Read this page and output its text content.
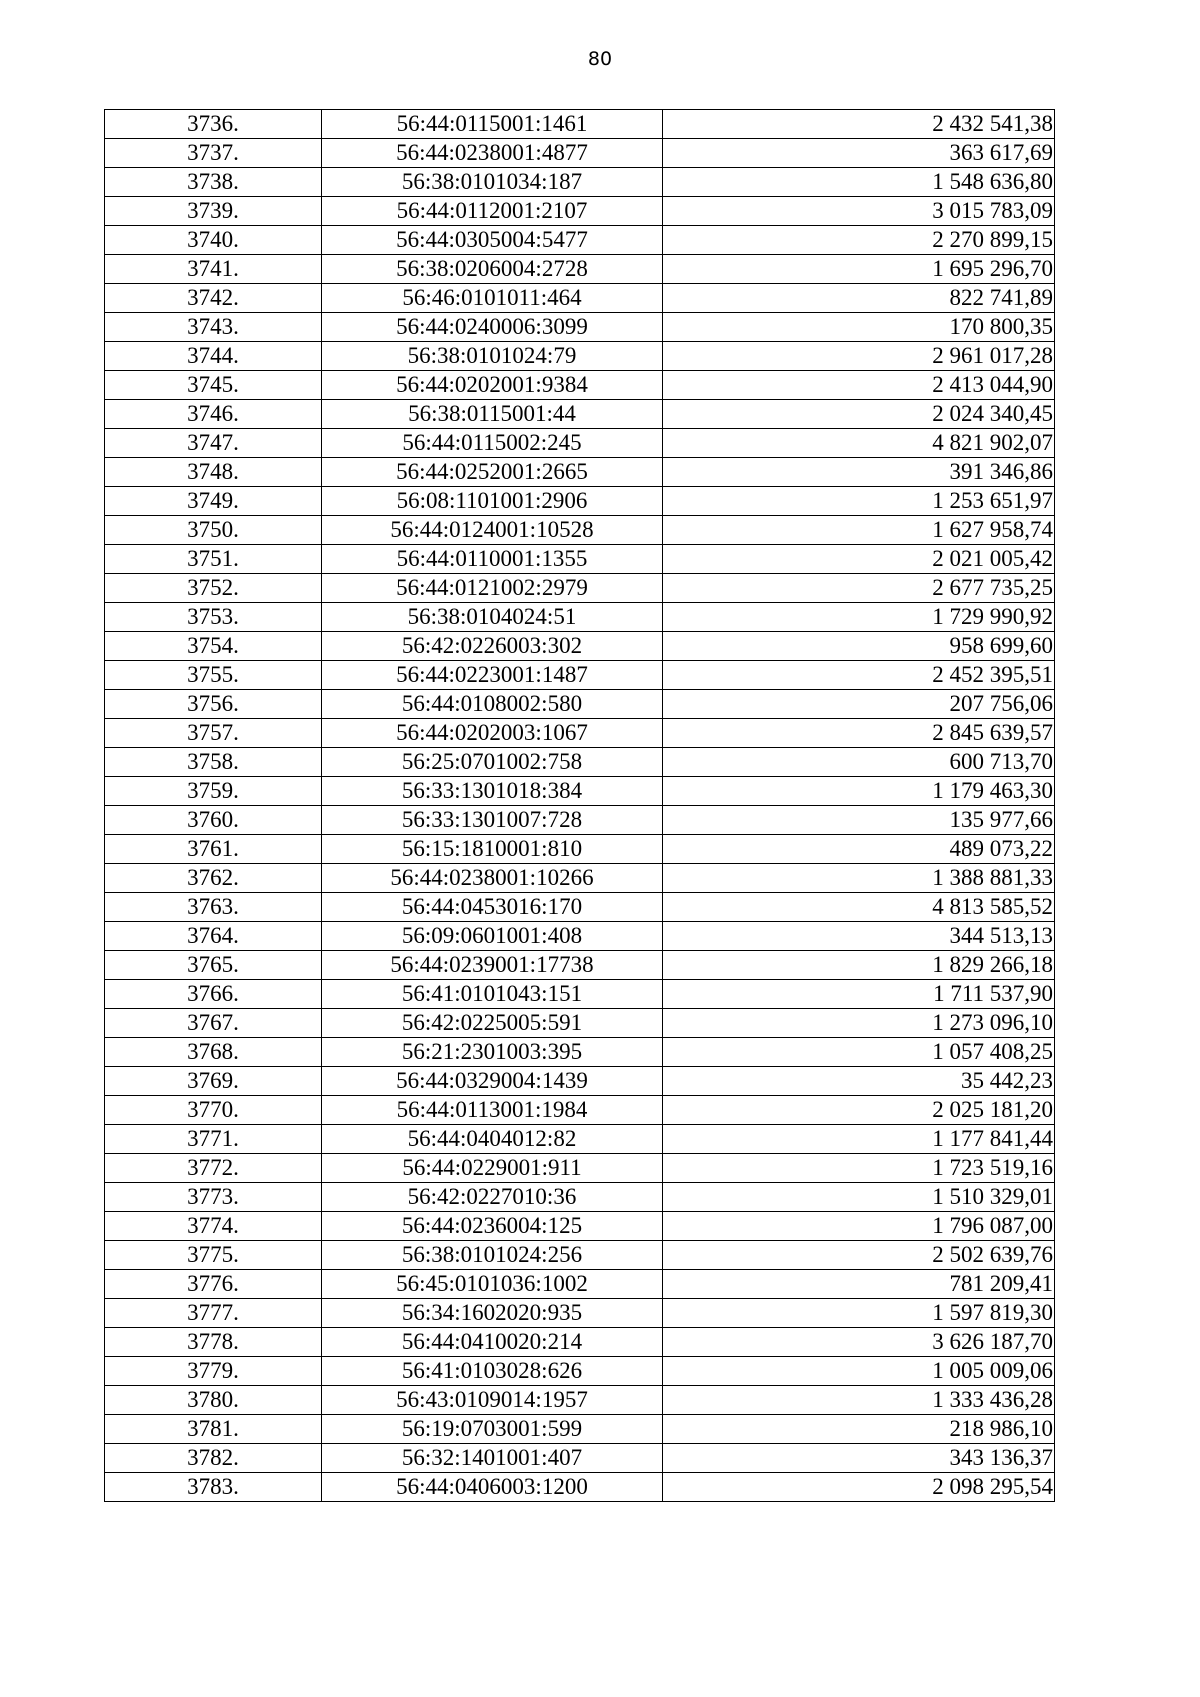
80
3736.	56:44:0115001:1461	2 432 541,38
3737.	56:44:0238001:4877	363 617,69
3738.	56:38:0101034:187	1 548 636,80
3739.	56:44:0112001:2107	3 015 783,09
3740.	56:44:0305004:5477	2 270 899,15
3741.	56:38:0206004:2728	1 695 296,70
3742.	56:46:0101011:464	822 741,89
3743.	56:44:0240006:3099	170 800,35
3744.	56:38:0101024:79	2 961 017,28
3745.	56:44:0202001:9384	2 413 044,90
3746.	56:38:0115001:44	2 024 340,45
3747.	56:44:0115002:245	4 821 902,07
3748.	56:44:0252001:2665	391 346,86
3749.	56:08:1101001:2906	1 253 651,97
3750.	56:44:0124001:10528	1 627 958,74
3751.	56:44:0110001:1355	2 021 005,42
3752.	56:44:0121002:2979	2 677 735,25
3753.	56:38:0104024:51	1 729 990,92
3754.	56:42:0226003:302	958 699,60
3755.	56:44:0223001:1487	2 452 395,51
3756.	56:44:0108002:580	207 756,06
3757.	56:44:0202003:1067	2 845 639,57
3758.	56:25:0701002:758	600 713,70
3759.	56:33:1301018:384	1 179 463,30
3760.	56:33:1301007:728	135 977,66
3761.	56:15:1810001:810	489 073,22
3762.	56:44:0238001:10266	1 388 881,33
3763.	56:44:0453016:170	4 813 585,52
3764.	56:09:0601001:408	344 513,13
3765.	56:44:0239001:17738	1 829 266,18
3766.	56:41:0101043:151	1 711 537,90
3767.	56:42:0225005:591	1 273 096,10
3768.	56:21:2301003:395	1 057 408,25
3769.	56:44:0329004:1439	35 442,23
3770.	56:44:0113001:1984	2 025 181,20
3771.	56:44:0404012:82	1 177 841,44
3772.	56:44:0229001:911	1 723 519,16
3773.	56:42:0227010:36	1 510 329,01
3774.	56:44:0236004:125	1 796 087,00
3775.	56:38:0101024:256	2 502 639,76
3776.	56:45:0101036:1002	781 209,41
3777.	56:34:1602020:935	1 597 819,30
3778.	56:44:0410020:214	3 626 187,70
3779.	56:41:0103028:626	1 005 009,06
3780.	56:43:0109014:1957	1 333 436,28
3781.	56:19:0703001:599	218 986,10
3782.	56:32:1401001:407	343 136,37
3783.	56:44:0406003:1200	2 098 295,54
